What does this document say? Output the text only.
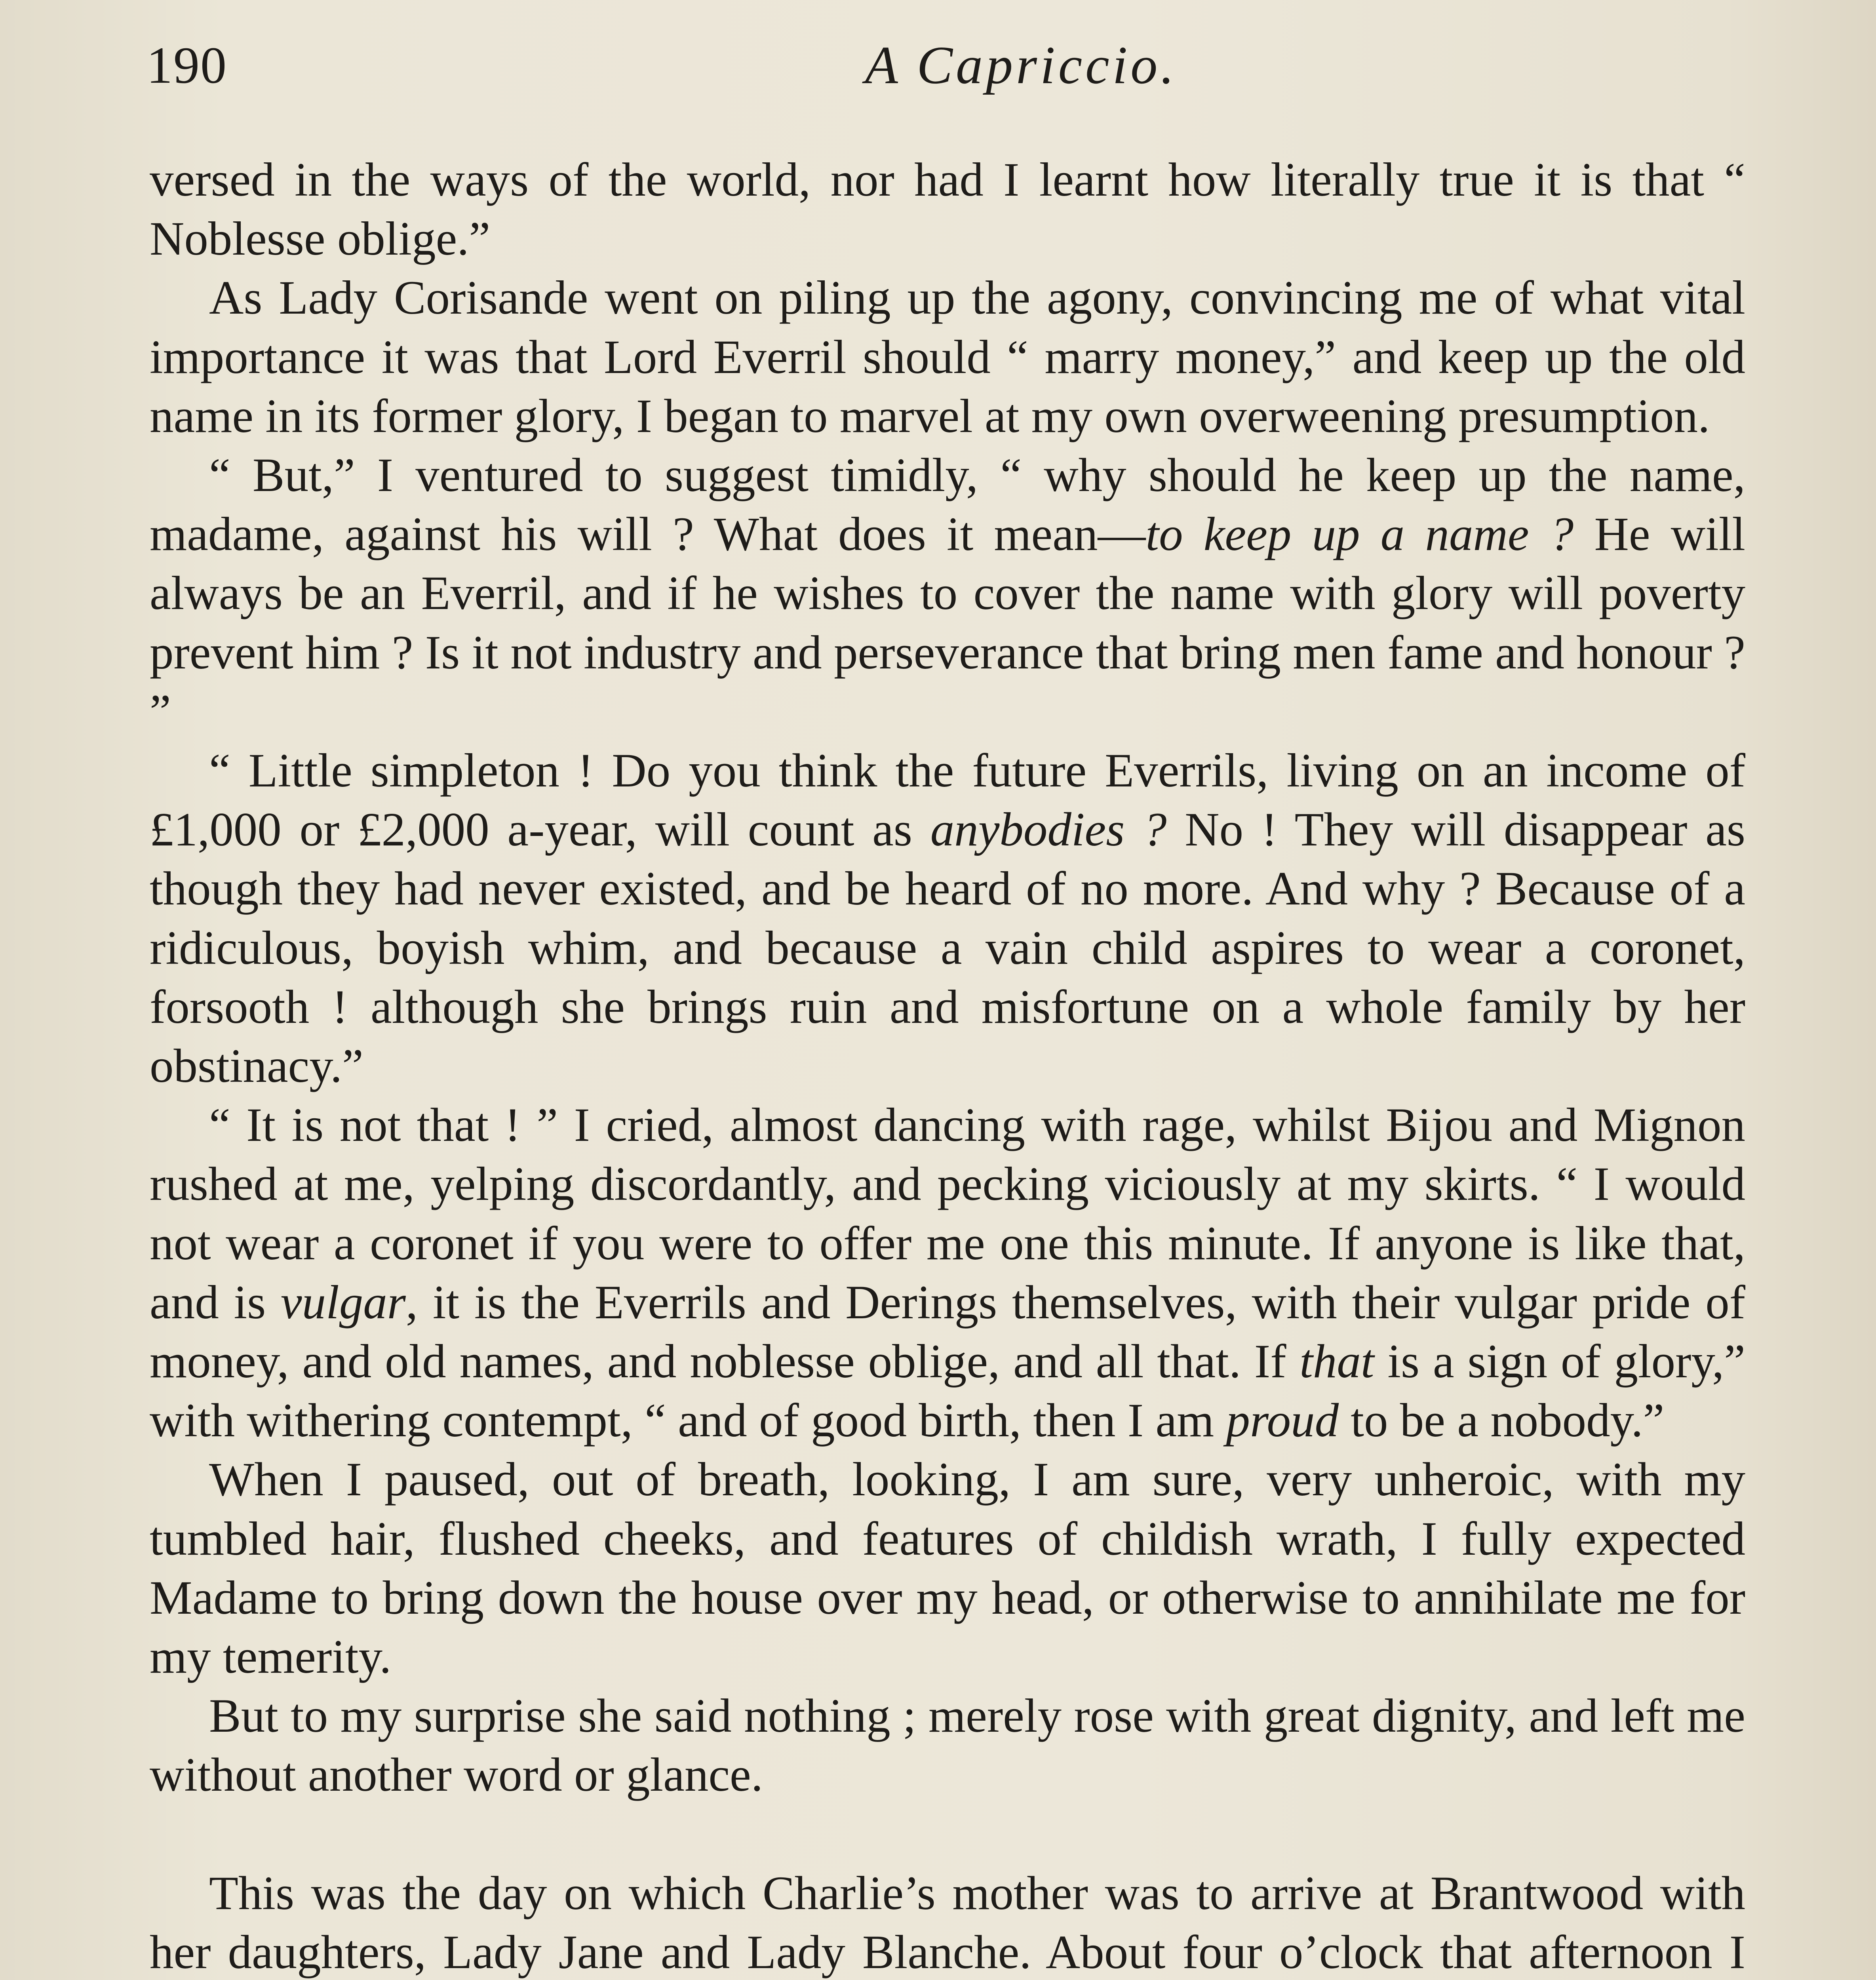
190	A Capriccio.

versed in the ways of the world, nor had I learnt how literally true it is that “ Noblesse oblige.”

As Lady Corisande went on piling up the agony, convincing me of what vital importance it was that Lord Everril should “ marry money,” and keep up the old name in its former glory, I began to marvel at my own overweening presumption.

“ But,” I ventured to suggest timidly, “ why should he keep up the name, madame, against his will ? What does it mean—to keep up a name ? He will always be an Everril, and if he wishes to cover the name with glory will poverty prevent him ? Is it not industry and perseverance that bring men fame and honour ? ”

“ Little simpleton ! Do you think the future Everrils, living on an income of £1,000 or £2,000 a-year, will count as anybodies ? No ! They will disappear as though they had never existed, and be heard of no more. And why ? Because of a ridiculous, boyish whim, and because a vain child aspires to wear a coronet, forsooth ! although she brings ruin and misfortune on a whole family by her obstinacy.”

“ It is not that ! ” I cried, almost dancing with rage, whilst Bijou and Mignon rushed at me, yelping discordantly, and pecking viciously at my skirts. “ I would not wear a coronet if you were to offer me one this minute. If anyone is like that, and is vulgar, it is the Everrils and Derings themselves, with their vulgar pride of money, and old names, and noblesse oblige, and all that. If that is a sign of glory,” with withering contempt, “ and of good birth, then I am proud to be a nobody.”

When I paused, out of breath, looking, I am sure, very unheroic, with my tumbled hair, flushed cheeks, and features of childish wrath, I fully expected Madame to bring down the house over my head, or otherwise to annihilate me for my temerity.

But to my surprise she said nothing ; merely rose with great dignity, and left me without another word or glance.

This was the day on which Charlie’s mother was to arrive at Brantwood with her daughters, Lady Jane and Lady Blanche. About four o’clock that afternoon I
